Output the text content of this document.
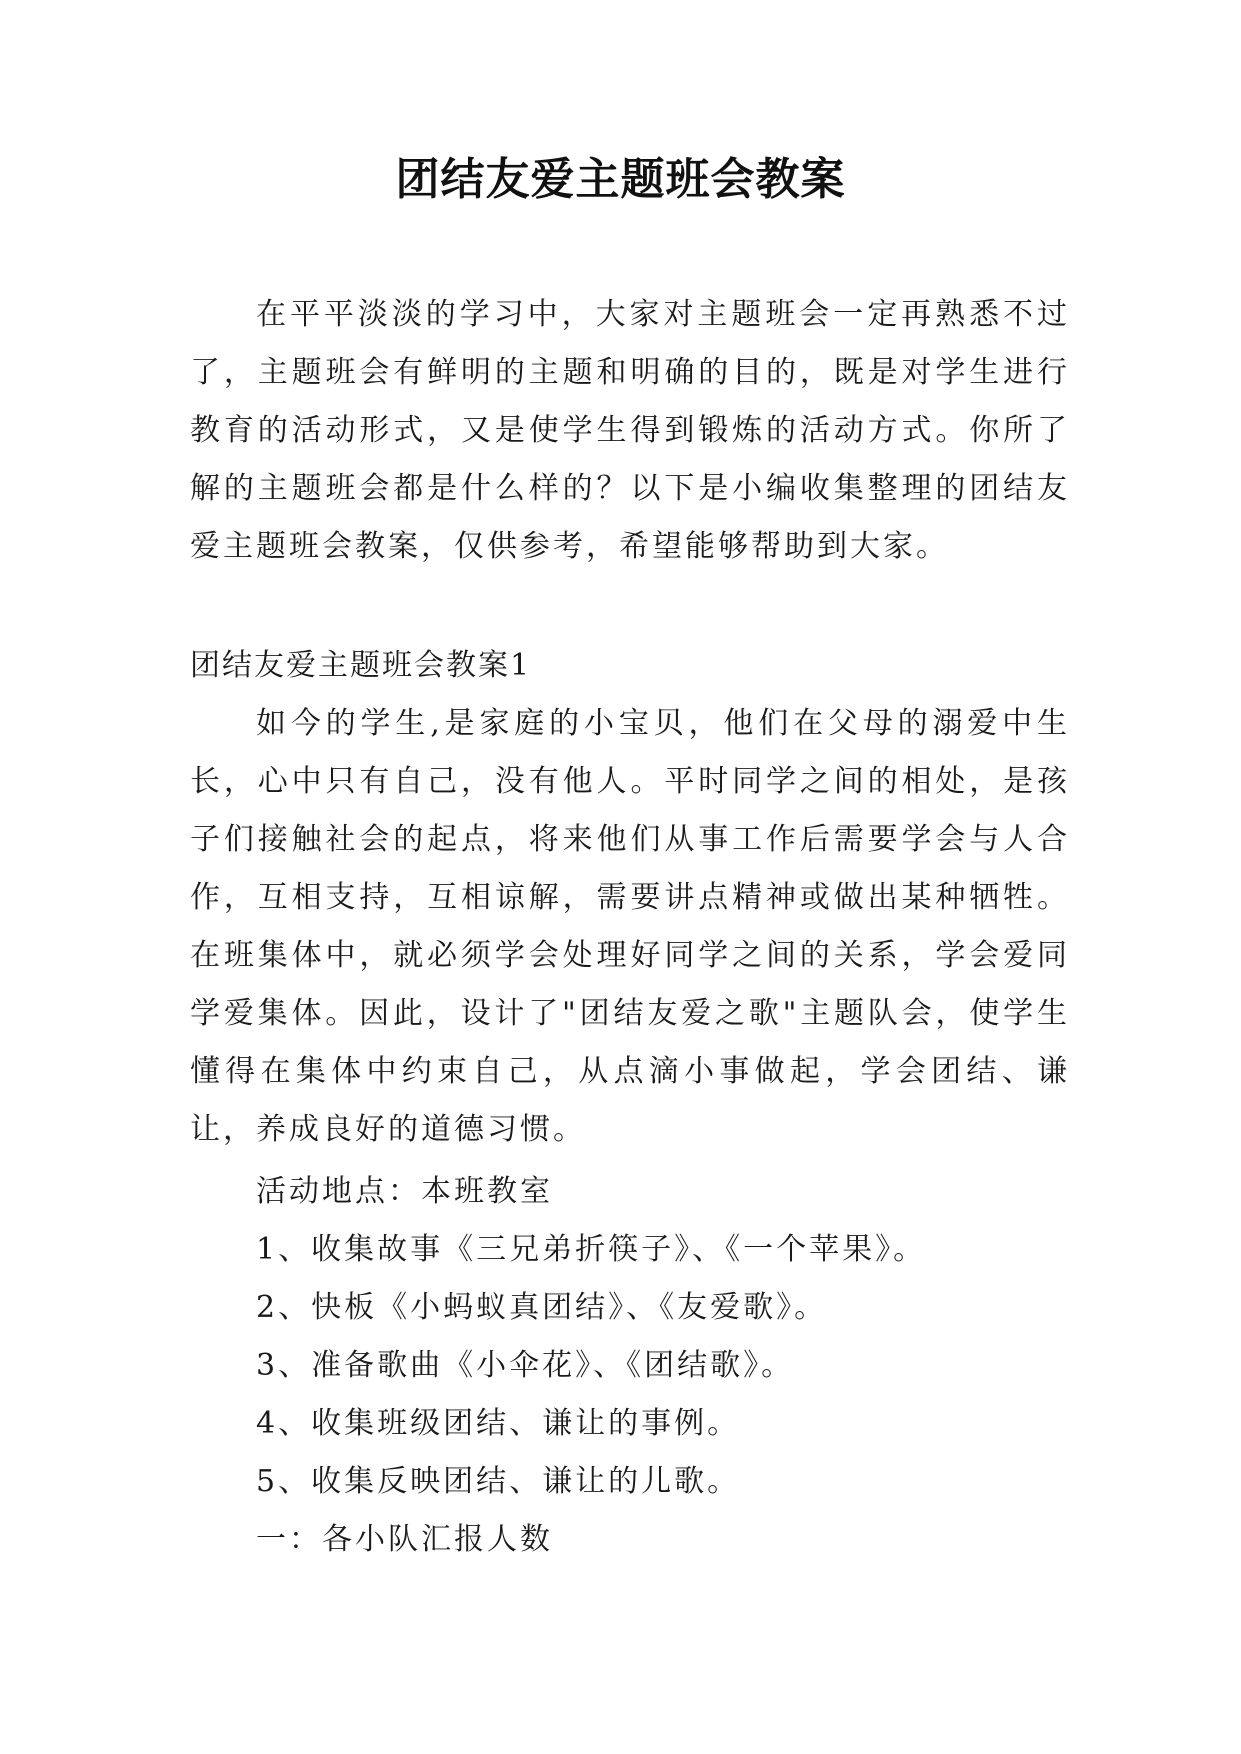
团结友爱主题班会教案

在平平淡淡的学习中，大家对主题班会一定再熟悉不过了，主题班会有鲜明的主题和明确的目的，既是对学生进行教育的活动形式，又是使学生得到锻炼的活动方式。你所了解的主题班会都是什么样的？以下是小编收集整理的团结友爱主题班会教案，仅供参考，希望能够帮助到大家。

团结友爱主题班会教案1

如今的学生,是家庭的小宝贝，他们在父母的溺爱中生长，心中只有自己，没有他人。平时同学之间的相处，是孩子们接触社会的起点，将来他们从事工作后需要学会与人合作，互相支持，互相谅解，需要讲点精神或做出某种牺牲。在班集体中，就必须学会处理好同学之间的关系，学会爱同学爱集体。因此，设计了"团结友爱之歌"主题队会，使学生懂得在集体中约束自己，从点滴小事做起，学会团结、谦让，养成良好的道德习惯。

活动地点：本班教室
1、收集故事《三兄弟折筷子》、《一个苹果》。
2、快板《小蚂蚁真团结》、《友爱歌》。
3、准备歌曲《小伞花》、《团结歌》。
4、收集班级团结、谦让的事例。
5、收集反映团结、谦让的儿歌。
一：各小队汇报人数
